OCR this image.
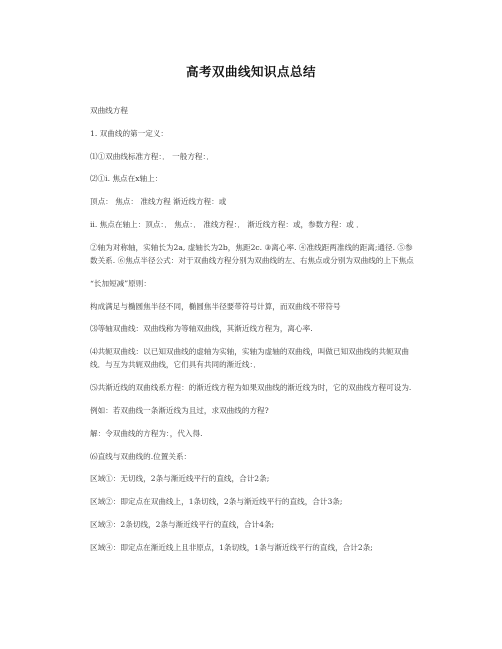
高考双曲线知识点总结

双曲线方程

1. 双曲线的第一定义：

⑴①双曲线标准方程：． 一般方程：．

⑵①i. 焦点在x轴上：

顶点： 焦点： 准线方程 渐近线方程：或

ii. 焦点在轴上：顶点：． 焦点：． 准线方程：． 渐近线方程：或，参数方程：或 ．

②轴为对称轴，实轴长为2a, 虚轴长为2b，焦距2c. ③离心率. ④准线距两准线的距离;通径. ⑤参数关系. ⑥焦点半径公式：对于双曲线方程分别为双曲线的左、右焦点或分别为双曲线的上下焦点

“长加短减”原则：

构成满足与椭圆焦半径不同，椭圆焦半径要带符号计算，而双曲线不带符号

⑶等轴双曲线：双曲线称为等轴双曲线，其渐近线方程为，离心率.

⑷共轭双曲线：以已知双曲线的虚轴为实轴，实轴为虚轴的双曲线，叫做已知双曲线的共轭双曲线．与互为共轭双曲线，它们具有共同的渐近线：．

⑸共渐近线的双曲线系方程：的渐近线方程为如果双曲线的渐近线为时，它的双曲线方程可设为.

例如：若双曲线一条渐近线为且过，求双曲线的方程?

解：令双曲线的方程为：，代入得.

⑹直线与双曲线的.位置关系：

区域①：无切线，2条与渐近线平行的直线，合计2条;

区域②：即定点在双曲线上，1条切线，2条与渐近线平行的直线，合计3条;

区域③：2条切线，2条与渐近线平行的直线，合计4条;

区域④：即定点在渐近线上且非原点，1条切线，1条与渐近线平行的直线，合计2条;
